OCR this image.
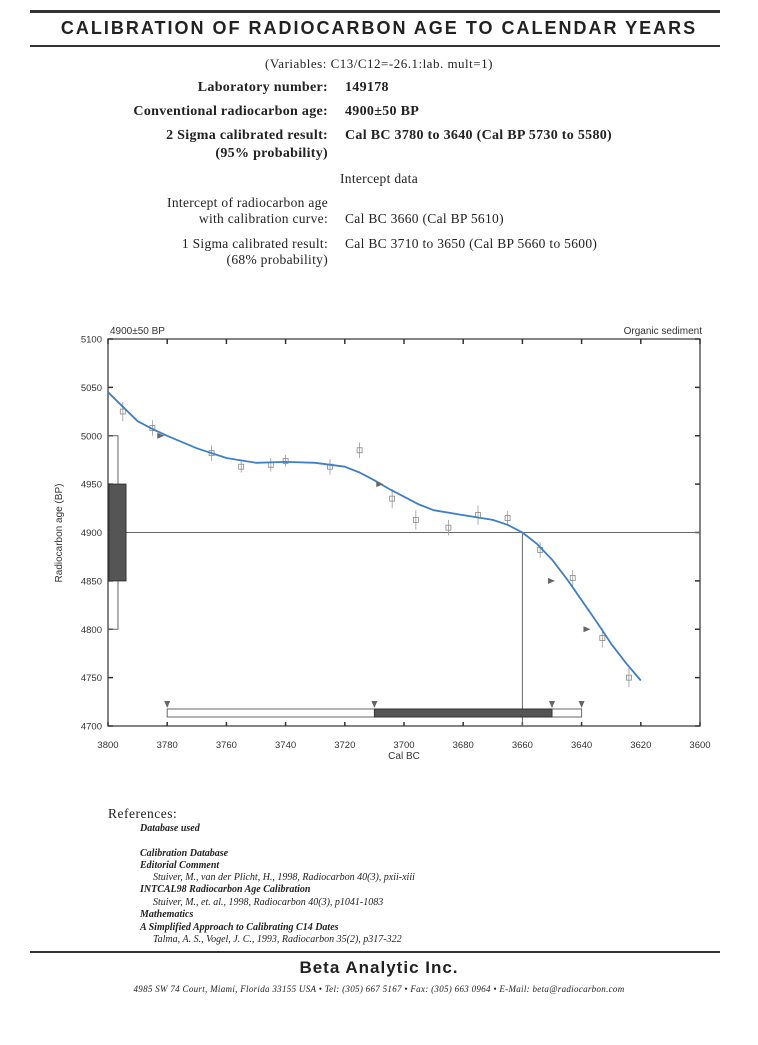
CALIBRATION OF RADIOCARBON AGE TO CALENDAR YEARS
(Variables: C13/C12=-26.1:lab. mult=1)
Laboratory number: 149178
Conventional radiocarbon age: 4900±50 BP
2 Sigma calibrated result:
(95% probability)
Cal BC 3780 to 3640 (Cal BP 5730 to 5580)
Intercept data
Intercept of radiocarbon age
with calibration curve: Cal BC 3660 (Cal BP 5610)
1 Sigma calibrated result:
(68% probability)
Cal BC 3710 to 3650 (Cal BP 5660 to 5600)
3800	3780	3760	3740	3720	3700	3680	3660	3640	3620	3600
4700
4750
4800
4850
4900
4950
5000
5050
5100
4900±50 BP	Organic sediment
Cal BC
Radiocarbon age (BP)
References:
Database used
Calibration Database
Editorial Comment
Stuiver, M., van der Plicht, H., 1998, Radiocarbon 40(3), pxii-xiii
INTCAL98 Radiocarbon Age Calibration
Stuiver, M., et. al., 1998, Radiocarbon 40(3), p1041-1083
Mathematics
A Simplified Approach to Calibrating C14 Dates
Talma, A. S., Vogel, J. C., 1993, Radiocarbon 35(2), p317-322
Beta Analytic Inc.
4985 SW 74 Court, Miami, Florida 33155 USA • Tel: (305) 667 5167 • Fax: (305) 663 0964 • E-Mail: beta@radiocarbon.com
